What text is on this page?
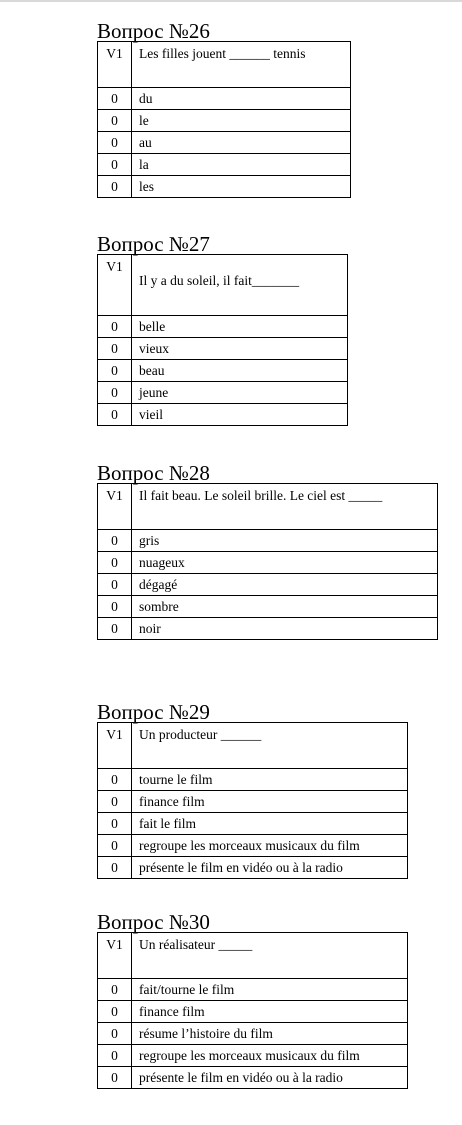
Вопрос №26
V1	Les filles jouent ______ tennis
0	du
0	le
0	au
0	la
0	les
Вопрос №27
V1	Il y a du soleil, il fait_______
0	belle
0	vieux
0	beau
0	jeune
0	vieil
Вопрос №28
V1	Il fait beau. Le soleil brille. Le ciel est _____
0	gris
0	nuageux
0	dégagé
0	sombre
0	noir
Вопрос №29
V1	Un producteur ______
0	tourne le film
0	finance film
0	fait le film
0	regroupe les morceaux musicaux du film
0	présente le film en vidéo ou à la radio
Вопрос №30
V1	Un réalisateur _____
0	fait/tourne le film
0	finance film
0	résume l’histoire du film
0	regroupe les morceaux musicaux du film
0	présente le film en vidéo ou à la radio
